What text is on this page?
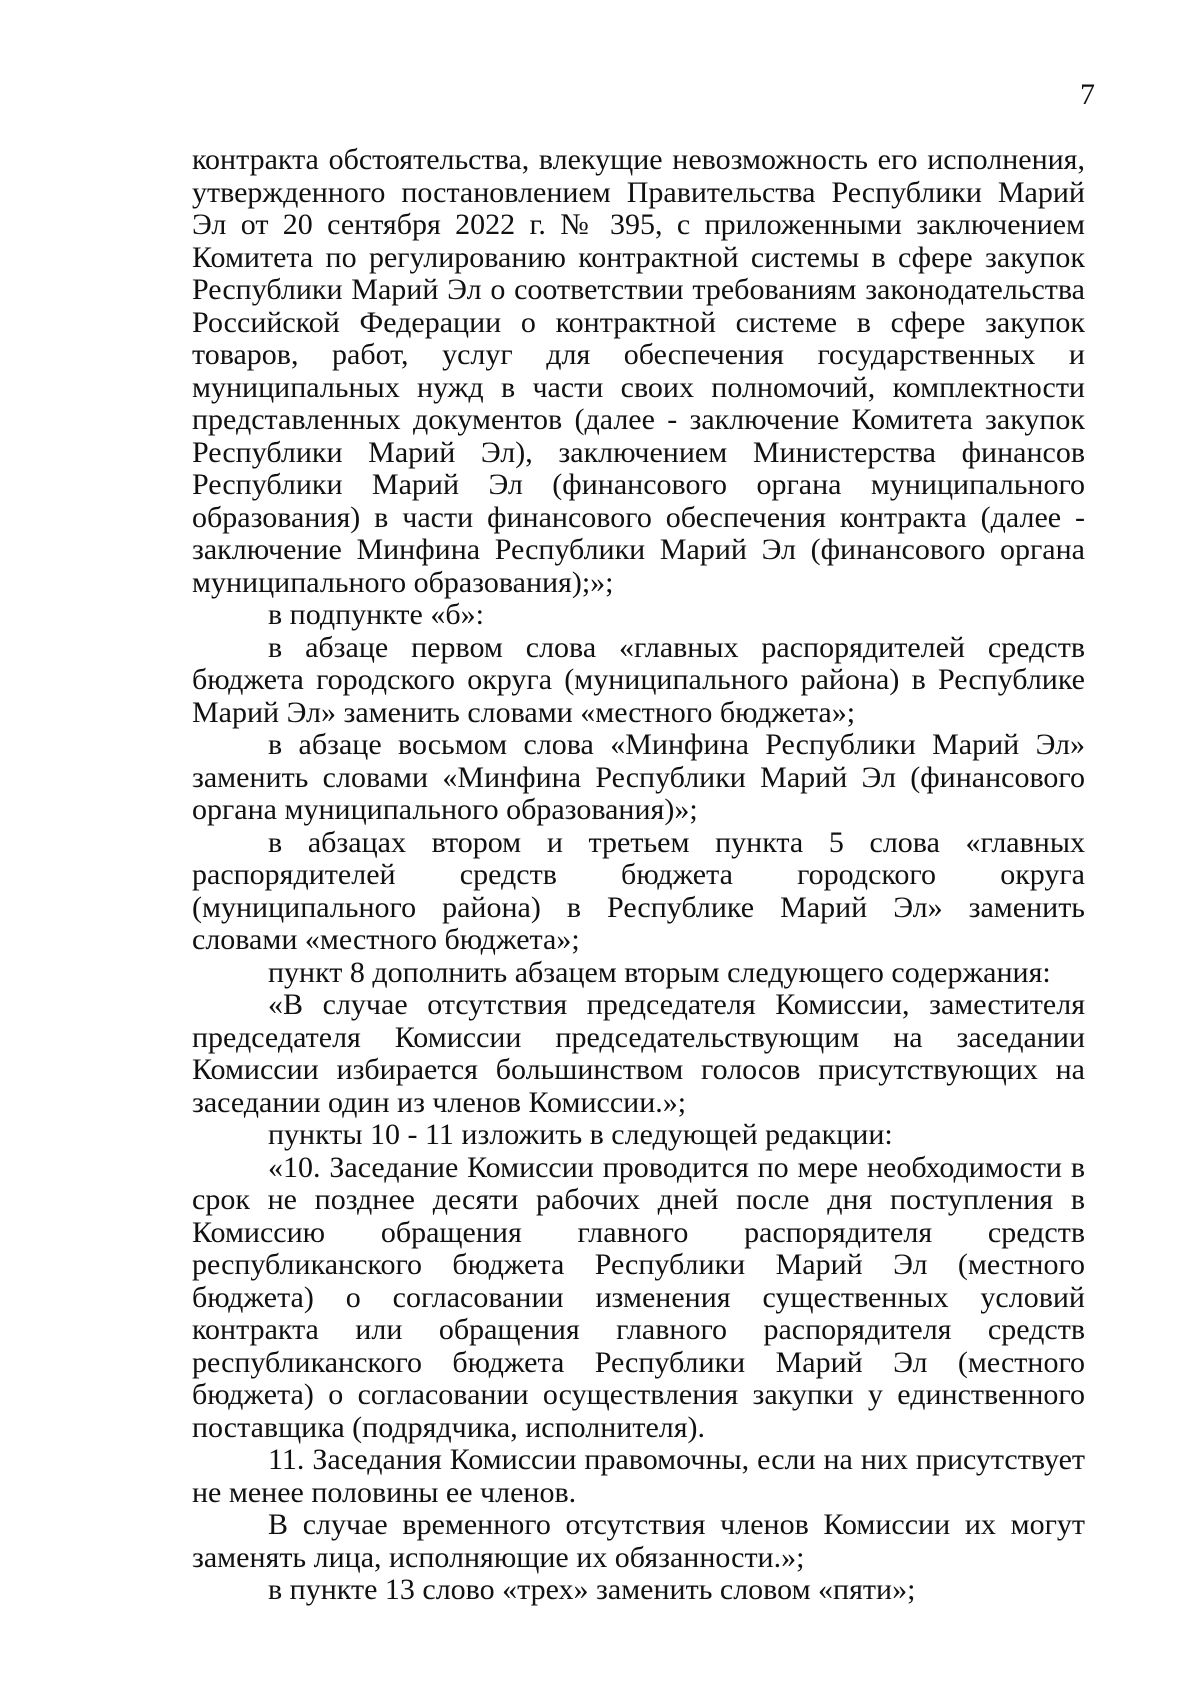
7

контракта обстоятельства, влекущие невозможность его исполнения, утвержденного постановлением Правительства Республики Марий Эл от 20 сентября 2022 г. № 395, с приложенными заключением Комитета по регулированию контрактной системы в сфере закупок Республики Марий Эл о соответствии требованиям законодательства Российской Федерации о контрактной системе в сфере закупок товаров, работ, услуг для обеспечения государственных и муниципальных нужд в части своих полномочий, комплектности представленных документов (далее - заключение Комитета закупок Республики Марий Эл), заключением Министерства финансов Республики Марий Эл (финансового органа муниципального образования) в части финансового обеспечения контракта (далее - заключение Минфина Республики Марий Эл (финансового органа муниципального образования);»;

в подпункте «б»:

в абзаце первом слова «главных распорядителей средств бюджета городского округа (муниципального района) в Республике Марий Эл» заменить словами «местного бюджета»;

в абзаце восьмом слова «Минфина Республики Марий Эл» заменить словами «Минфина Республики Марий Эл (финансового органа муниципального образования)»;

в абзацах втором и третьем пункта 5 слова «главных распорядителей средств бюджета городского округа (муниципального района) в Республике Марий Эл» заменить словами «местного бюджета»;

пункт 8 дополнить абзацем вторым следующего содержания:

«В случае отсутствия председателя Комиссии, заместителя председателя Комиссии председательствующим на заседании Комиссии избирается большинством голосов присутствующих на заседании один из членов Комиссии.»;

пункты 10 - 11 изложить в следующей редакции:

«10. Заседание Комиссии проводится по мере необходимости в срок не позднее десяти рабочих дней после дня поступления в Комиссию обращения главного распорядителя средств республиканского бюджета Республики Марий Эл (местного бюджета) о согласовании изменения существенных условий контракта или обращения главного распорядителя средств республиканского бюджета Республики Марий Эл (местного бюджета) о согласовании осуществления закупки у единственного поставщика (подрядчика, исполнителя).

11. Заседания Комиссии правомочны, если на них присутствует не менее половины ее членов.

В случае временного отсутствия членов Комиссии их могут заменять лица, исполняющие их обязанности.»;

в пункте 13 слово «трех» заменить словом «пяти»;
